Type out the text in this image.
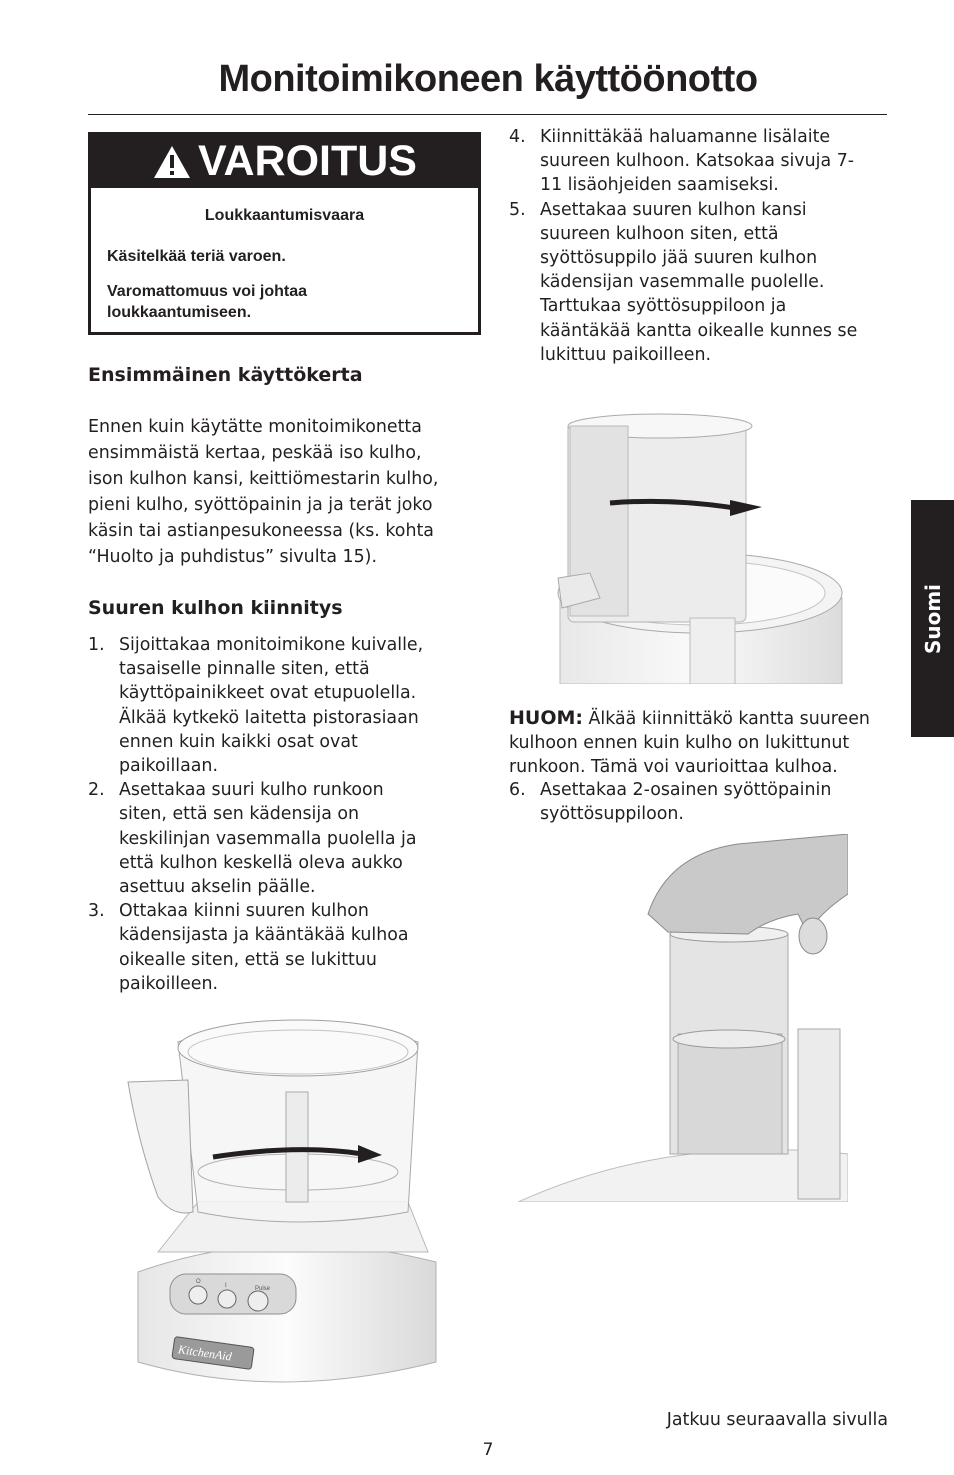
Monitoimikoneen käyttöönotto
VAROITUS
Loukkaantumisvaara
Käsitelkää teriä varoen.
Varomattomuus voi johtaa
loukkaantumiseen.
Ensimmäinen käyttökerta
Ennen kuin käytätte monitoimikonetta
ensimmäistä kertaa, peskää iso kulho,
ison kulhon kansi, keittiömestarin kulho,
pieni kulho, syöttöpainin ja ja terät joko
käsin tai astianpesukoneessa (ks. kohta
“Huolto ja puhdistus” sivulta 15).
Suuren kulhon kiinnitys
1. Sijoittakaa monitoimikone kuivalle,
tasaiselle pinnalle siten, että
käyttöpainikkeet ovat etupuolella.
Älkää kytkekö laitetta pistorasiaan
ennen kuin kaikki osat ovat
paikoillaan.
2. Asettakaa suuri kulho runkoon
siten, että sen kädensija on
keskilinjan vasemmalla puolella ja
että kulhon keskellä oleva aukko
asettuu akselin päälle.
3. Ottakaa kiinni suuren kulhon
kädensijasta ja kääntäkää kulhoa
oikealle siten, että se lukittuu
paikoilleen.
4. Kiinnittäkää haluamanne lisälaite
suureen kulhoon. Katsokaa sivuja 7-
11 lisäohjeiden saamiseksi.
5. Asettakaa suuren kulhon kansi
suureen kulhoon siten, että
syöttösuppilo jää suuren kulhon
kädensijan vasemmalle puolelle.
Tarttukaa syöttösuppiloon ja
kääntäkää kantta oikealle kunnes se
lukittuu paikoilleen.
Suomi
HUOM: Älkää kiinnittäkö kantta suureen kulhoon ennen kuin kulho on lukittunut runkoon. Tämä voi vaurioittaa kulhoa.
6. Asettakaa 2-osainen syöttöpainin
syöttösuppiloon.
O
I	Pulse
KitchenAid
Jatkuu seuraavalla sivulla
7
